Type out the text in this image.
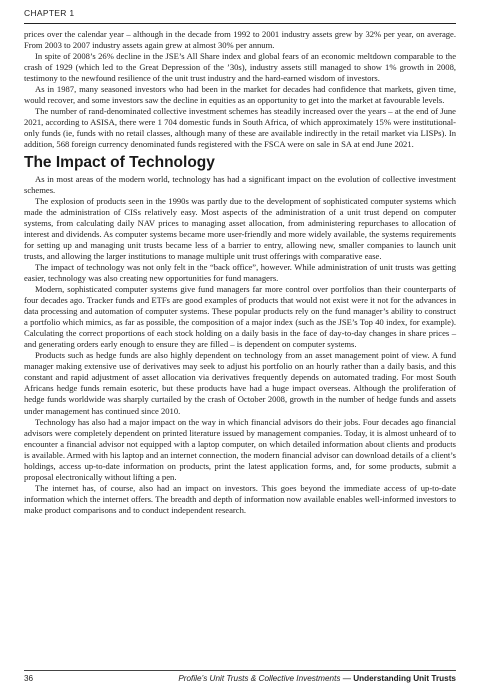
CHAPTER 1

prices over the calendar year – although in the decade from 1992 to 2001 industry assets grew by 32% per year, on average. From 2003 to 2007 industry assets again grew at almost 30% per annum.

In spite of 2008’s 26% decline in the JSE’s All Share index and global fears of an economic meltdown comparable to the crash of 1929 (which led to the Great Depression of the ’30s), industry assets still managed to show 1% growth in 2008, testimony to the newfound resilience of the unit trust industry and the hard-earned wisdom of investors.

As in 1987, many seasoned investors who had been in the market for decades had confidence that markets, given time, would recover, and some investors saw the decline in equities as an opportunity to get into the market at favourable levels.

The number of rand-denominated collective investment schemes has steadily increased over the years – at the end of June 2021, according to ASISA, there were 1 704 domestic funds in South Africa, of which approximately 15% were institutional-only funds (ie, funds with no retail classes, although many of these are available indirectly in the retail market via LISPs). In addition, 568 foreign currency denominated funds registered with the FSCA were on sale in SA at end June 2021.

The Impact of Technology

As in most areas of the modern world, technology has had a significant impact on the evolution of collective investment schemes.

The explosion of products seen in the 1990s was partly due to the development of sophisticated computer systems which made the administration of CISs relatively easy. Most aspects of the administration of a unit trust depend on computer systems, from calculating daily NAV prices to managing asset allocation, from administering repurchases to allocation of interest and dividends. As computer systems became more user-friendly and more widely available, the systems requirements for setting up and managing unit trusts became less of a barrier to entry, allowing new, smaller companies to launch unit trusts, and allowing the larger institutions to manage multiple unit trust offerings with comparative ease.

The impact of technology was not only felt in the “back office”, however. While administration of unit trusts was getting easier, technology was also creating new opportunities for fund managers.

Modern, sophisticated computer systems give fund managers far more control over portfolios than their counterparts of four decades ago. Tracker funds and ETFs are good examples of products that would not exist were it not for the advances in data processing and automation of computer systems. These popular products rely on the fund manager’s ability to construct a portfolio which mimics, as far as possible, the composition of a major index (such as the JSE’s Top 40 index, for example). Calculating the correct proportions of each stock holding on a daily basis in the face of day-to-day changes in share prices – and generating orders early enough to ensure they are filled – is dependent on computer systems.

Products such as hedge funds are also highly dependent on technology from an asset management point of view. A fund manager making extensive use of derivatives may seek to adjust his portfolio on an hourly rather than a daily basis, and this constant and rapid adjustment of asset allocation via derivatives frequently depends on automated trading. For most South Africans hedge funds remain esoteric, but these products have had a huge impact overseas. Although the proliferation of hedge funds worldwide was sharply curtailed by the crash of October 2008, growth in the number of hedge funds and assets under management has continued since 2010.

Technology has also had a major impact on the way in which financial advisors do their jobs. Four decades ago financial advisors were completely dependent on printed literature issued by management companies. Today, it is almost unheard of to encounter a financial advisor not equipped with a laptop computer, on which detailed information about clients and products is available. Armed with his laptop and an internet connection, the modern financial advisor can download details of a client’s holdings, access up-to-date information on products, print the latest application forms, and, for some products, submit a proposal electronically without lifting a pen.

The internet has, of course, also had an impact on investors. This goes beyond the immediate access of up-to-date information which the internet offers. The breadth and depth of information now available enables well-informed investors to make product comparisons and to conduct independent research.

36	Profile’s Unit Trusts & Collective Investments — Understanding Unit Trusts
